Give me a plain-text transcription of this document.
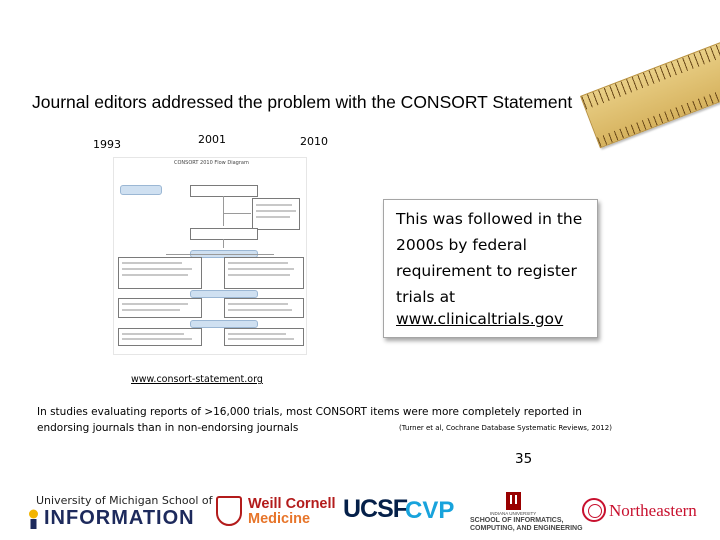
Journal editors addressed the problem with the CONSORT Statement
1993	2001	2010
CONSORT 2010 Flow Diagram
This was followed in the 2000s by federal requirement to register trials at
www.clinicaltrials.gov
www.consort-statement.org
In studies evaluating reports of >16,000 trials, most CONSORT items were more completely reported in
endorsing journals than in non-endorsing journals	(Turner et al, Cochrane Database Systematic Reviews, 2012)
35
University of Michigan School of
INFORMATION
Weill Cornell
Medicine UCSF
CVP	INDIANA UNIVERSITY
SCHOOL OF INFORMATICS,
COMPUTING, AND ENGINEERING
Northeastern
